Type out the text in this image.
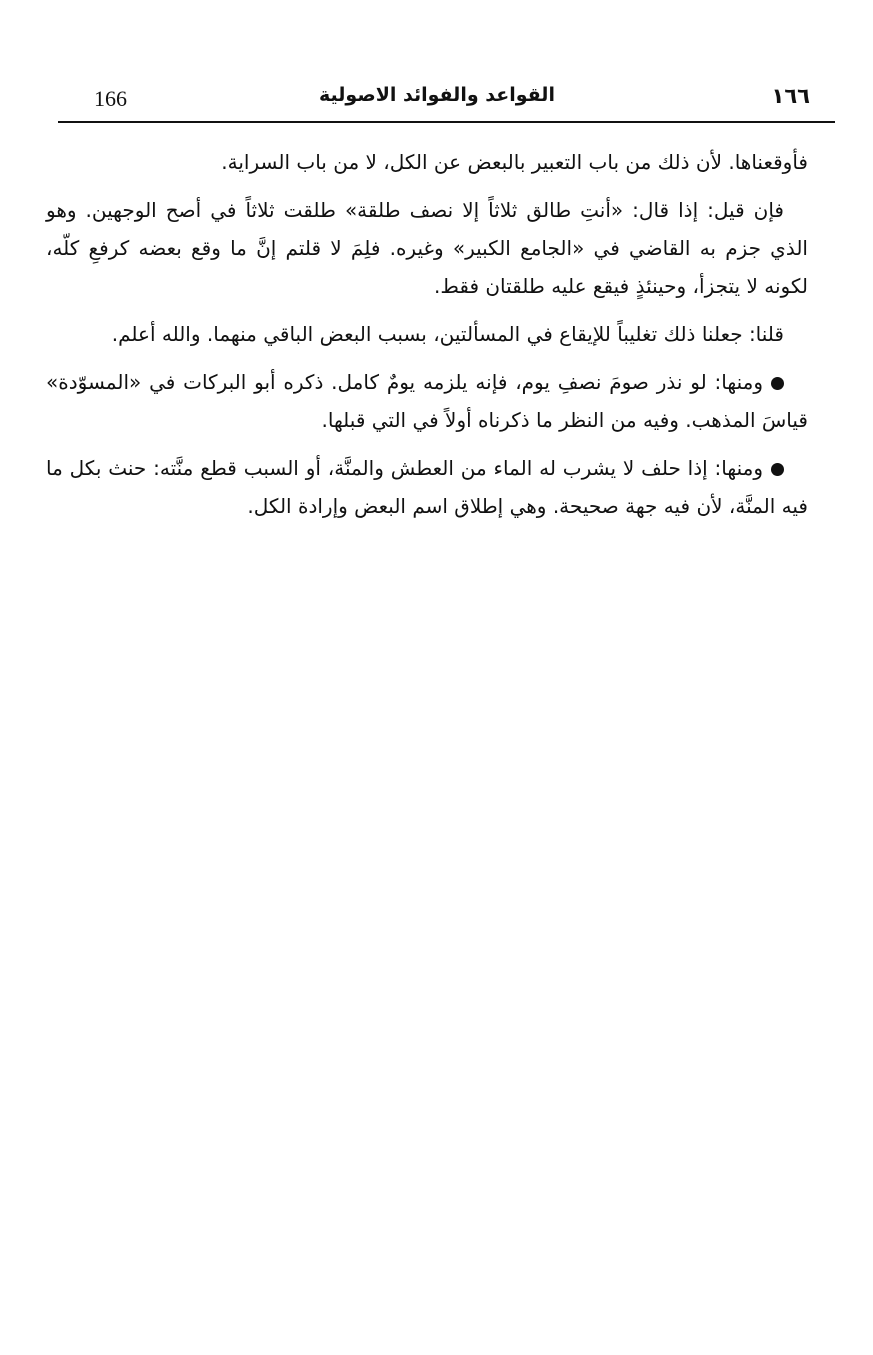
166	القواعد والفوائد الاصولية	١٦٦

فأوقعناها. لأن ذلك من باب التعبير بالبعض عن الكل، لا من باب السراية.

فإن قيل: إذا قال: «أنتِ طالق ثلاثاً إلا نصف طلقة» طلقت ثلاثاً في أصح الوجهين. وهو الذي جزم به القاضي في «الجامع الكبير» وغيره. فلِمَ لا قلتم إنَّ ما وقع بعضه كرفعِ كلّه، لكونه لا يتجزأ، وحينئذٍ فيقع عليه طلقتان فقط.

قلنا: جعلنا ذلك تغليباً للإيقاع في المسألتين، بسبب البعض الباقي منهما. والله أعلم.

ومنها: لو نذر صومَ نصفِ يوم، فإنه يلزمه يومٌ كامل. ذكره أبو البركات في «المسوّدة» قياسَ المذهب. وفيه من النظر ما ذكرناه أولاً في التي قبلها.

ومنها: إذا حلف لا يشرب له الماء من العطش والمنَّة، أو السبب قطع منَّته: حنث بكل ما فيه المنَّة، لأن فيه جهة صحيحة. وهي إطلاق اسم البعض وإرادة الكل.
